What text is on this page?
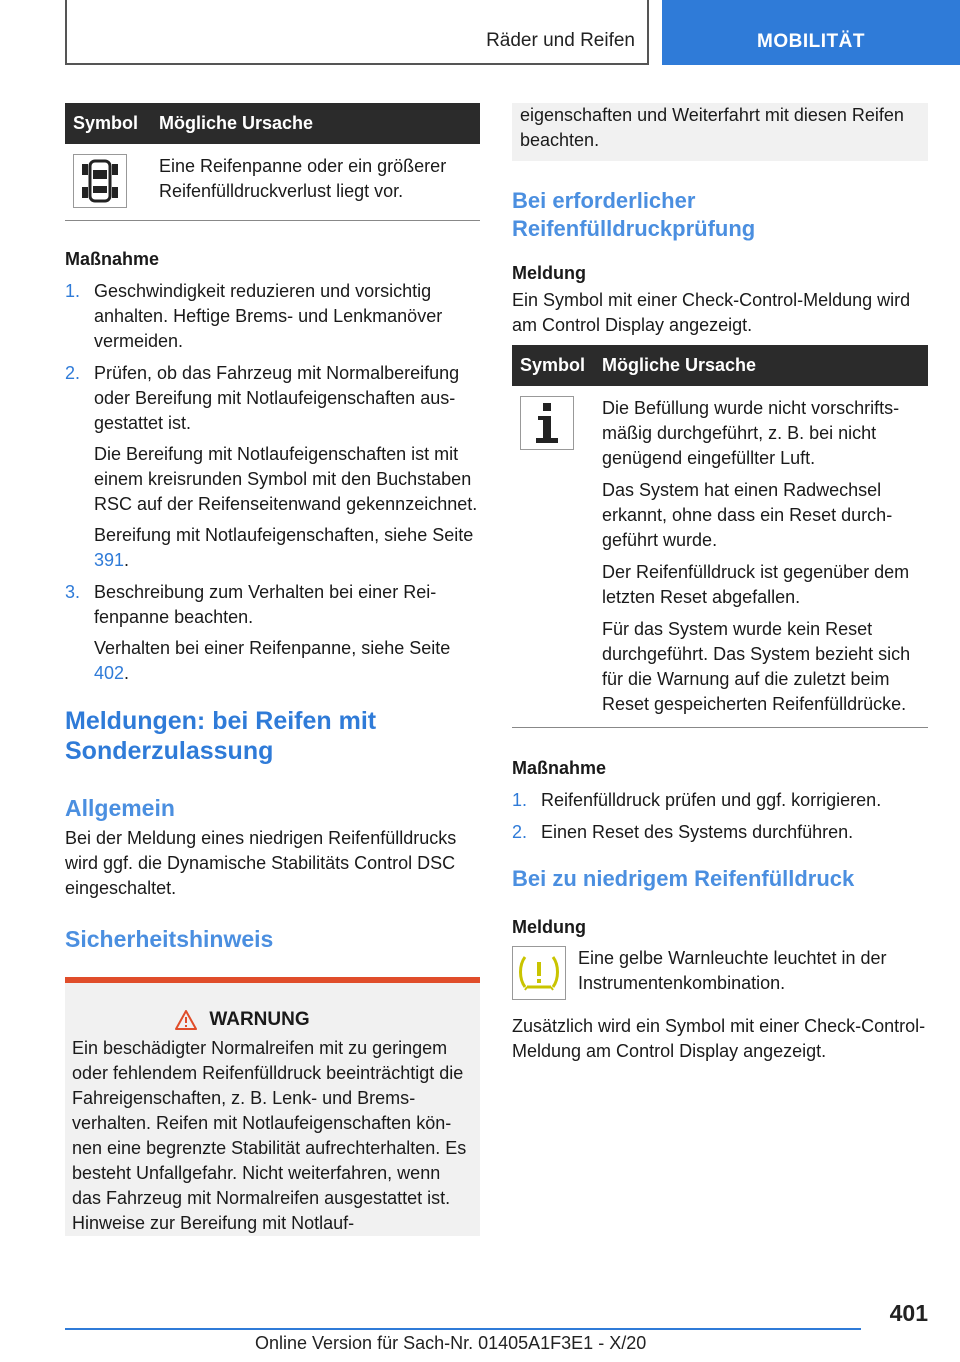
Räder und Reifen	MOBILITÄT
Symbol	Mögliche Ursache

	Eine Reifenpanne oder ein größerer Reifenfülldruckverlust liegt vor.
Maßnahme
1. Geschwindigkeit reduzieren und vorsichtig anhalten. Heftige Brems- und Lenkmanöver vermeiden.

2. Prüfen, ob das Fahrzeug mit Normalbereifung oder Bereifung mit Notlaufeigenschaften ausgestattet ist.

Die Bereifung mit Notlaufeigenschaften ist mit einem kreisrunden Symbol mit den Buchstaben RSC auf der Reifenseitenwand gekennzeichnet.

Bereifung mit Notlaufeigenschaften, siehe Seite 391.

3. Beschreibung zum Verhalten bei einer Reifenpanne beachten.

Verhalten bei einer Reifenpanne, siehe Seite 402.

Meldungen: bei Reifen mit Sonderzulassung
Allgemein

Bei der Meldung eines niedrigen Reifenfülldrucks wird ggf. die Dynamische Stabilitäts Control DSC eingeschaltet.

Sicherheitshinweis
WARNUNG

Ein beschädigter Normalreifen mit zu geringem oder fehlendem Reifenfülldruck beeinträchtigt die Fahreigenschaften, z. B. Lenk- und Bremsverhalten. Reifen mit Notlaufeigenschaften können eine begrenzte Stabilität aufrechterhalten. Es besteht Unfallgefahr. Nicht weiterfahren, wenn das Fahrzeug mit Normalreifen ausgestattet ist. Hinweise zur Bereifung mit Notlauf-

eigenschaften und Weiterfahrt mit diesen Reifen beachten.

Bei erforderlicher Reifenfülldruckprüfung
Meldung

Ein Symbol mit einer Check-Control-Meldung wird am Control Display angezeigt.

Symbol	Mögliche Ursache

Die Befüllung wurde nicht vorschriftsmäßig durchgeführt, z. B. bei nicht genügend eingefüllter Luft.

Das System hat einen Radwechsel erkannt, ohne dass ein Reset durchgeführt wurde.

Der Reifenfülldruck ist gegenüber dem letzten Reset abgefallen.

Für das System wurde kein Reset durchgeführt. Das System bezieht sich für die Warnung auf die zuletzt beim Reset gespeicherten Reifenfülldrücke.

Maßnahme
1. Reifenfülldruck prüfen und ggf. korrigieren.

2. Einen Reset des Systems durchführen.

Bei zu niedrigem Reifenfülldruck
Meldung

Eine gelbe Warnleuchte leuchtet in der Instrumentenkombination.

Zusätzlich wird ein Symbol mit einer Check-Control-Meldung am Control Display angezeigt.

401
Online Version für Sach-Nr. 01405A1F3E1 - X/20
